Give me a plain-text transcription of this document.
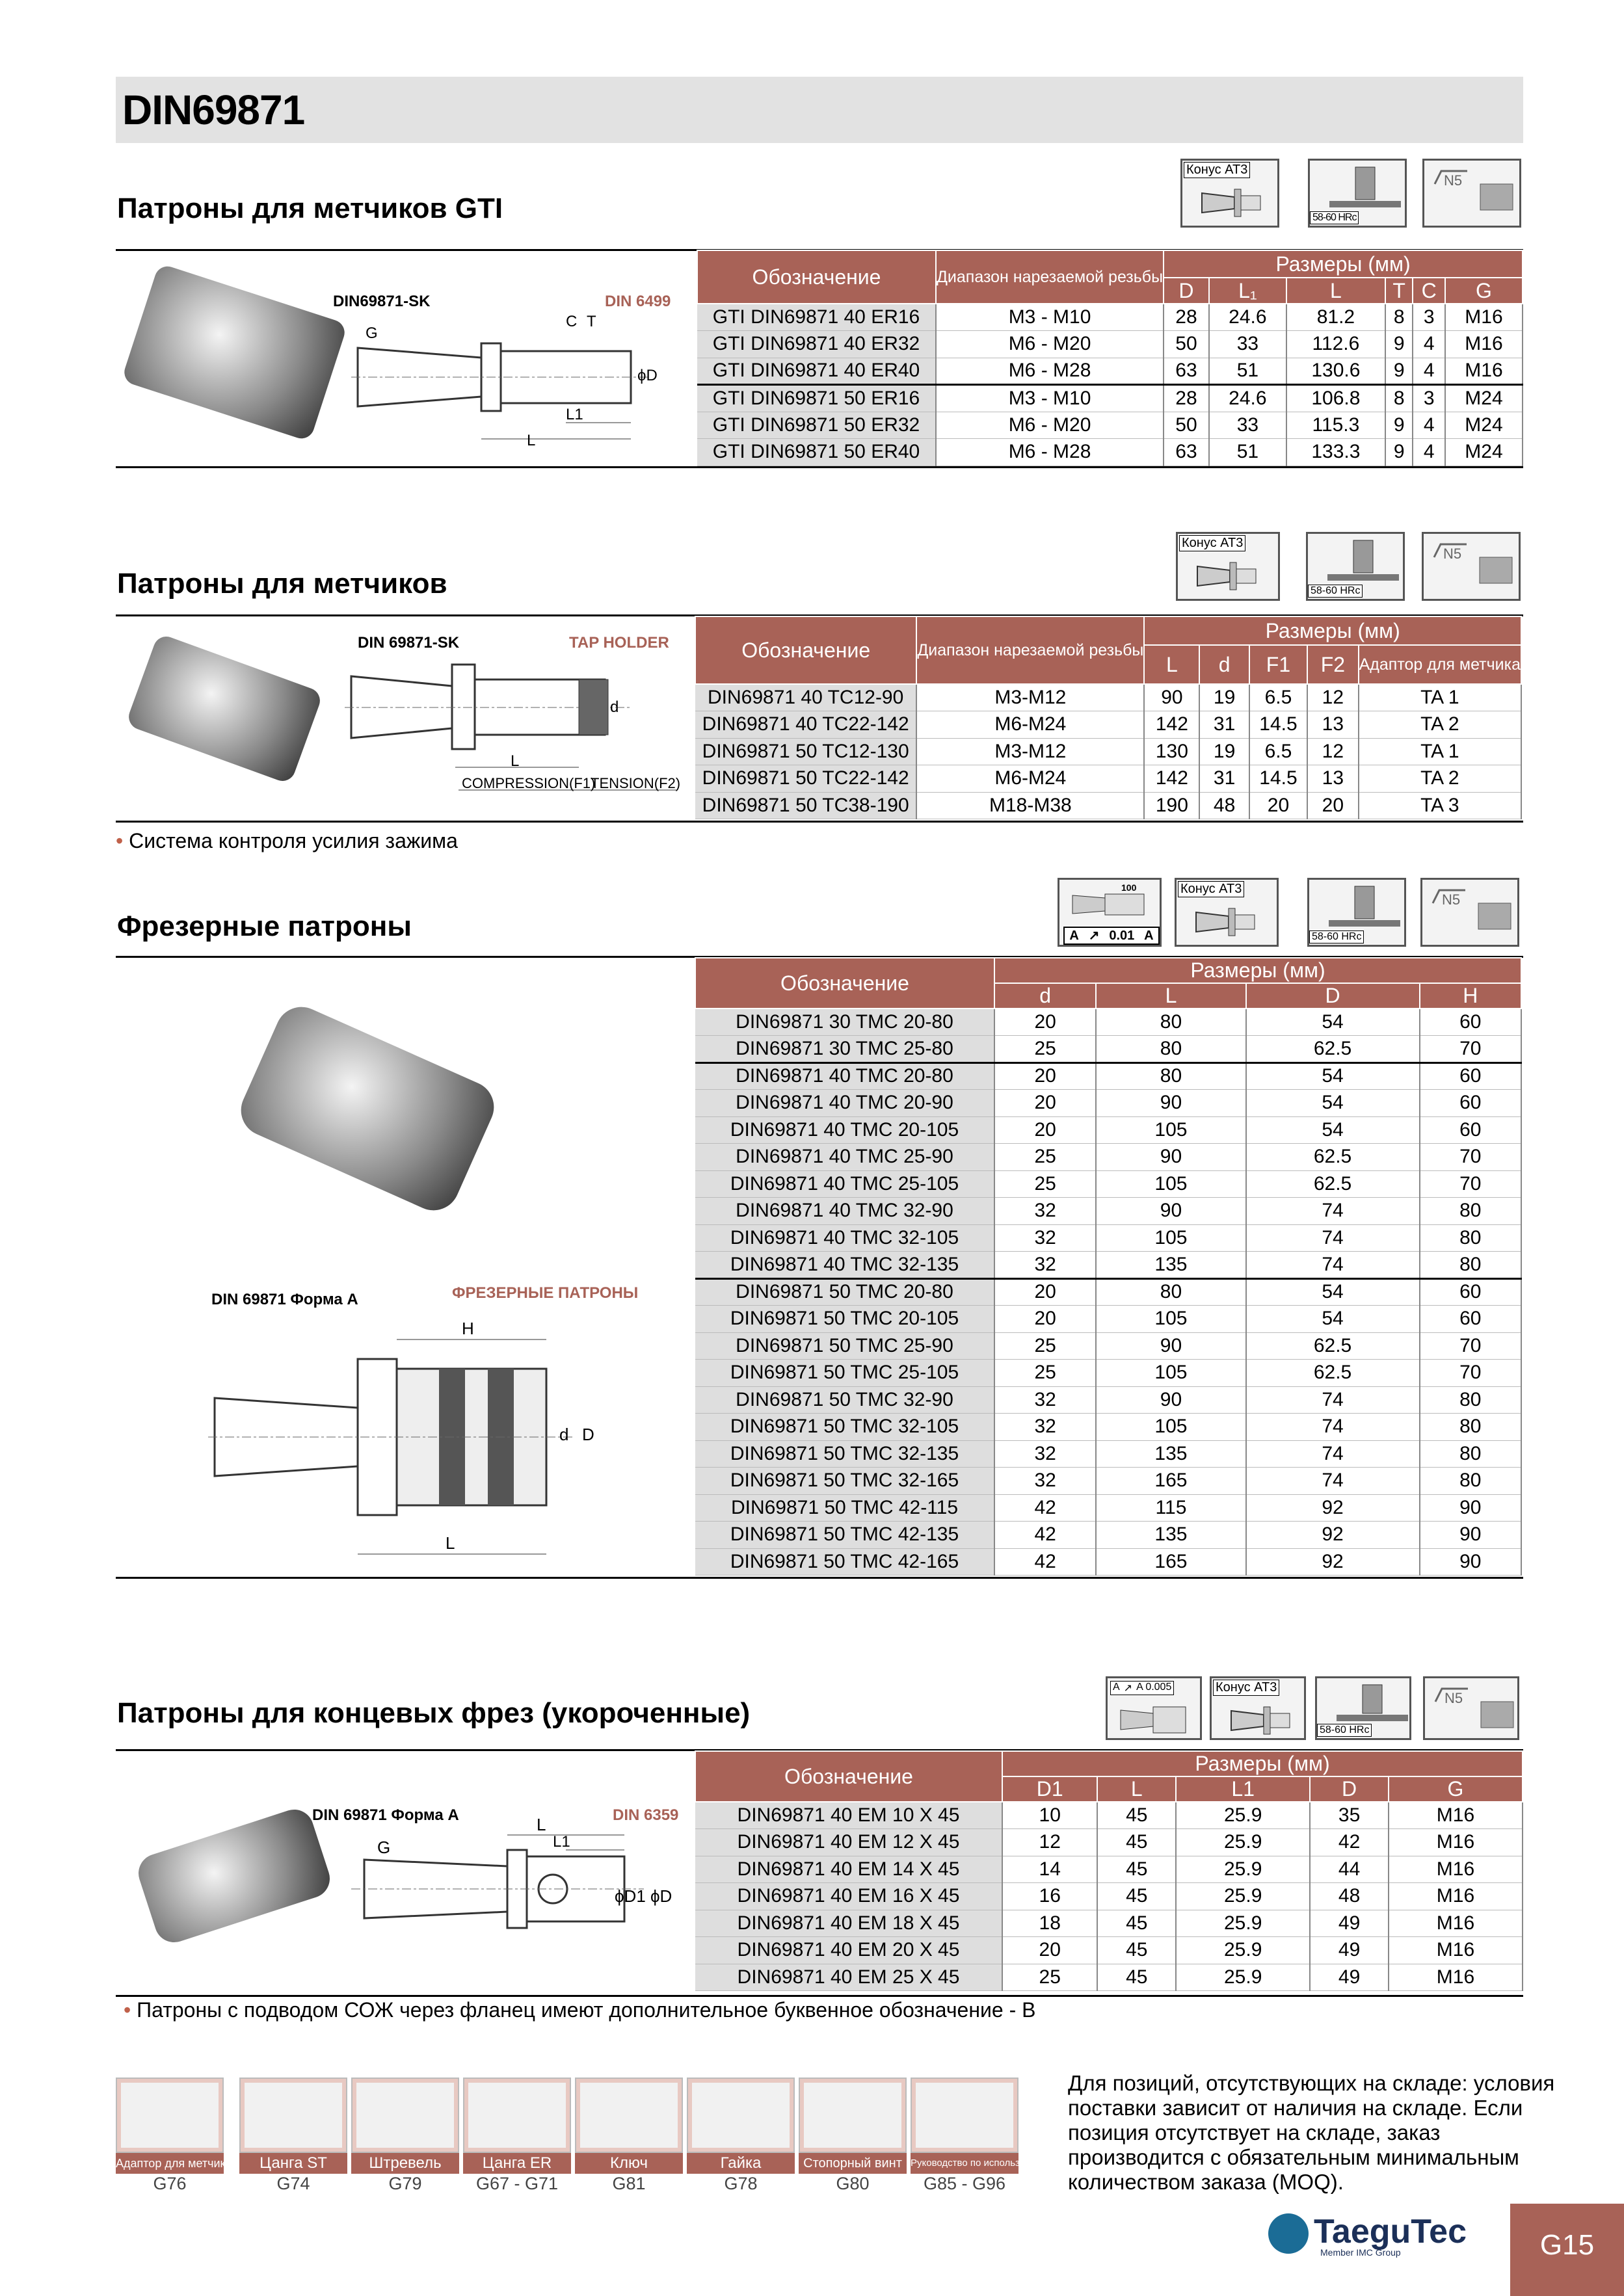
DIN69871
Патроны для метчиков GTI
Конус AT3
58-60 HRc
N5
DIN69871-SK	DIN 6499
G
C T
ϕD
L1
L
Обозначение	Диапазон нарезаемой резьбы	Размеры (мм)					
		D	L₁	L	T	C	G
GTI DIN69871 40 ER16	M3 - M10	28	24.6	81.2	8	3	M16
GTI DIN69871 40 ER32	M6 - M20	50	33	112.6	9	4	M16
GTI DIN69871 40 ER40	M6 - M28	63	51	130.6	9	4	M16
GTI DIN69871 50 ER16	M3 - M10	28	24.6	106.8	8	3	M24
GTI DIN69871 50 ER32	M6 - M20	50	33	115.3	9	4	M24
GTI DIN69871 50 ER40	M6 - M28	63	51	133.3	9	4	M24
Патроны для метчиков
Конус AT3
58-60 HRc
N5
DIN 69871-SK	TAP HOLDER
d
L
COMPRESSION(F1)
TENSION(F2)
Обозначение	Диапазон нарезаемой резьбы	Размеры (мм)				
		L	d	F1	F2	Адаптор для метчика
DIN69871 40 TC12-90	M3-M12	90	19	6.5	12	TA 1
DIN69871 40 TC22-142	M6-M24	142	31	14.5	13	TA 2
DIN69871 50 TC12-130	M3-M12	130	19	6.5	12	TA 1
DIN69871 50 TC22-142	M6-M24	142	31	14.5	13	TA 2
DIN69871 50 TC38-190	M18-M38	190	48	20	20	TA 3
• Система контроля усилия зажима
Фрезерные патроны
100
A ↗ 0.01 A
Конус AT3
58-60 HRc
N5
DIN 69871 Форма A	ФРЕЗЕРНЫЕ ПАТРОНЫ
H
d D
L
Обозначение	Размеры (мм)			
	d	L	D	H
DIN69871 30 TMC 20-80	20	80	54	60
DIN69871 30 TMC 25-80	25	80	62.5	70
DIN69871 40 TMC 20-80	20	80	54	60
DIN69871 40 TMC 20-90	20	90	54	60
DIN69871 40 TMC 20-105	20	105	54	60
DIN69871 40 TMC 25-90	25	90	62.5	70
DIN69871 40 TMC 25-105	25	105	62.5	70
DIN69871 40 TMC 32-90	32	90	74	80
DIN69871 40 TMC 32-105	32	105	74	80
DIN69871 40 TMC 32-135	32	135	74	80
DIN69871 50 TMC 20-80	20	80	54	60
DIN69871 50 TMC 20-105	20	105	54	60
DIN69871 50 TMC 25-90	25	90	62.5	70
DIN69871 50 TMC 25-105	25	105	62.5	70
DIN69871 50 TMC 32-90	32	90	74	80
DIN69871 50 TMC 32-105	32	105	74	80
DIN69871 50 TMC 32-135	32	135	74	80
DIN69871 50 TMC 32-165	32	165	74	80
DIN69871 50 TMC 42-115	42	115	92	90
DIN69871 50 TMC 42-135	42	135	92	90
DIN69871 50 TMC 42-165	42	165	92	90
Патроны для концевых фрез (укороченные)
A ↗ A 0.005	Конус AT3
58-60 HRc
N5
DIN 69871 Форма A	DIN 6359
G
L
L1
ϕD1 ϕD
Обозначение	Размеры (мм)				
	D1	L	L1	D	G
DIN69871 40 EM 10 X 45	10	45	25.9	35	M16
DIN69871 40 EM 12 X 45	12	45	25.9	42	M16
DIN69871 40 EM 14 X 45	14	45	25.9	44	M16
DIN69871 40 EM 16 X 45	16	45	25.9	48	M16
DIN69871 40 EM 18 X 45	18	45	25.9	49	M16
DIN69871 40 EM 20 X 45	20	45	25.9	49	M16
DIN69871 40 EM 25 X 45	25	45	25.9	49	M16
• Патроны с подводом СОЖ через фланец имеют дополнительное буквенное обозначение - B
Адаптор для метчика
G76
Цанга ST
G74
Штревель
G79
Цанга ER
G67 - G71
Ключ
G81
Гайка
G78
Стопорный винт
G80
Руководство по использованию
G85 - G96
Для позиций, отсутствующих на складе: условия поставки зависит от наличия на складе. Если позиция отсутствует на складе, заказ производится с обязательным минимальным количеством заказа (MOQ).
TaeguTec
Member IMC Group	G15
